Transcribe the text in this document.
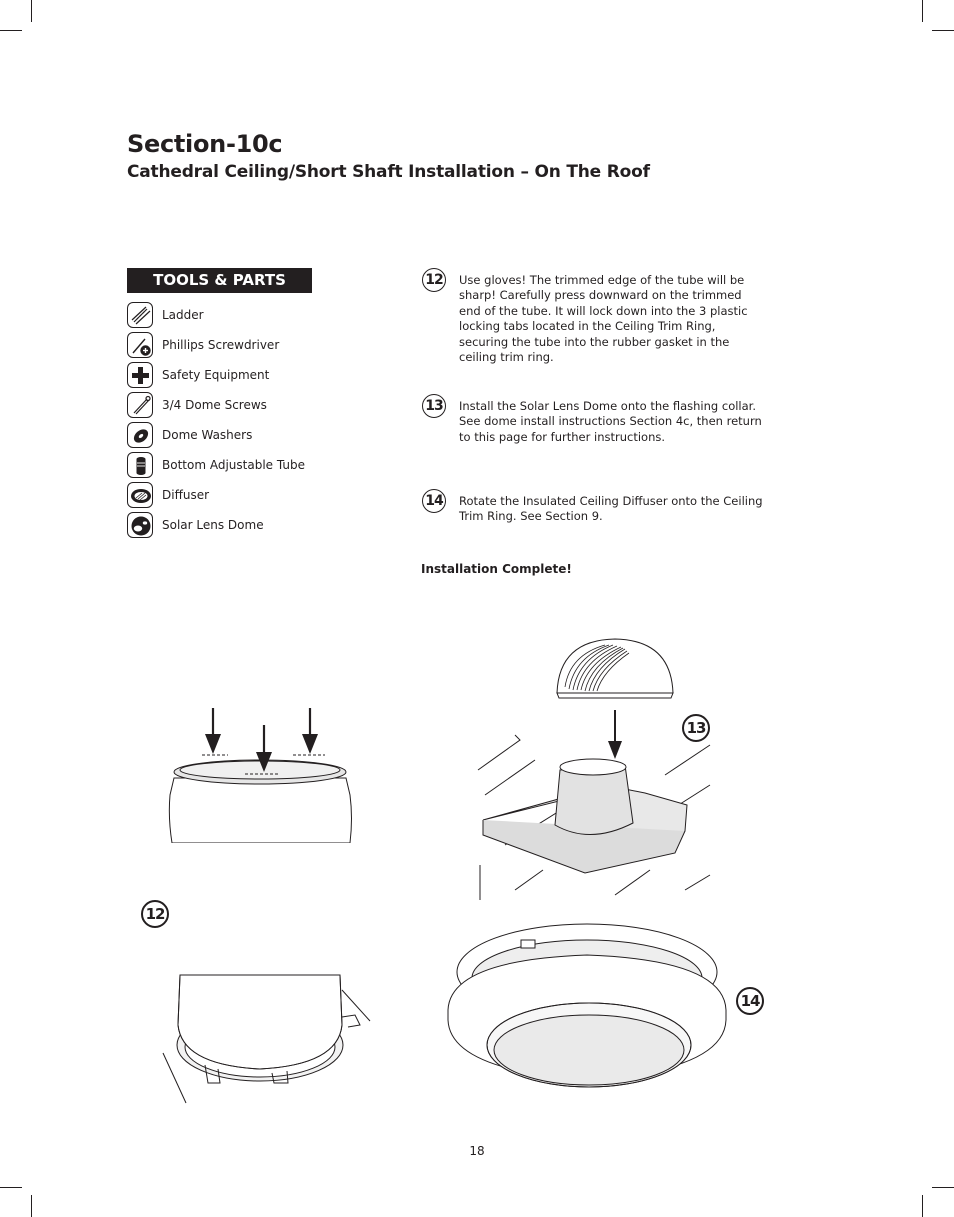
Section-10c
Cathedral Ceiling/Short Shaft Installation – On The Roof
TOOLS & PARTS
Ladder
Phillips Screwdriver
Safety Equipment
3/4 Dome Screws
Dome Washers
Bottom Adjustable Tube
Diffuser
Solar Lens Dome
12 Use gloves! The trimmed edge of the tube will be sharp! Carefully press downward on the trimmed end of the tube. It will lock down into the 3 plastic locking tabs located in the Ceiling Trim Ring, securing the tube into the rubber gasket in the ceiling trim ring.
13 Install the Solar Lens Dome onto the flashing collar. See dome install instructions Section 4c, then return to this page for further instructions.
14 Rotate the Insulated Ceiling Diffuser onto the Ceiling Trim Ring. See Section 9.
Installation Complete!
12
13
14
18
